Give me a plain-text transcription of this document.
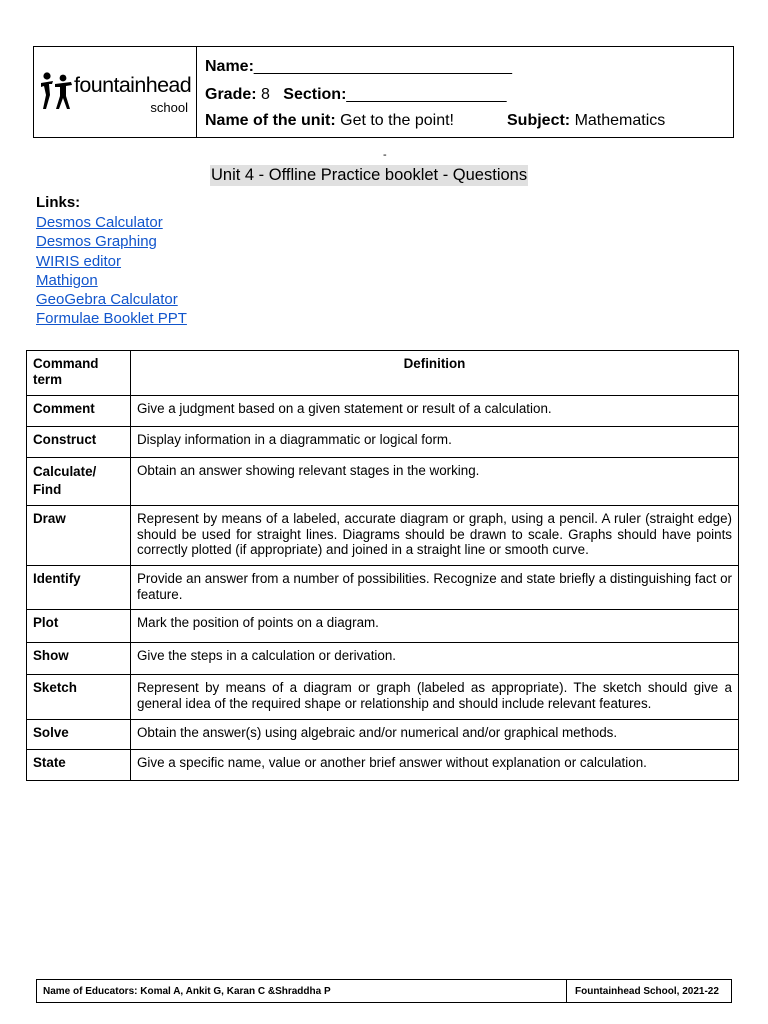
fountainhead
school
Name:_____________________________
Grade: 8 Section:__________________
Name of the unit: Get to the point!	Subject: Mathematics
-
Unit 4 - Offline Practice booklet - Questions
Links:
Desmos Calculator
Desmos Graphing
WIRIS editor
Mathigon
GeoGebra Calculator
Formulae Booklet PPT
Command term	Definition
Comment	Give a judgment based on a given statement or result of a calculation.
Construct	Display information in a diagrammatic or logical form.
Calculate/ Find	Obtain an answer showing relevant stages in the working.
Draw	Represent by means of a labeled, accurate diagram or graph, using a pencil. A ruler (straight edge) should be used for straight lines. Diagrams should be drawn to scale. Graphs should have points correctly plotted (if appropriate) and joined in a straight line or smooth curve.
Identify	Provide an answer from a number of possibilities. Recognize and state briefly a distinguishing fact or feature.
Plot	Mark the position of points on a diagram.
Show	Give the steps in a calculation or derivation.
Sketch	Represent by means of a diagram or graph (labeled as appropriate). The sketch should give a general idea of the required shape or relationship and should include relevant features.
Solve	Obtain the answer(s) using algebraic and/or numerical and/or graphical methods.
State	Give a specific name, value or another brief answer without explanation or calculation.
Name of Educators: Komal A, Ankit G, Karan C &Shraddha P	Fountainhead School, 2021-22
